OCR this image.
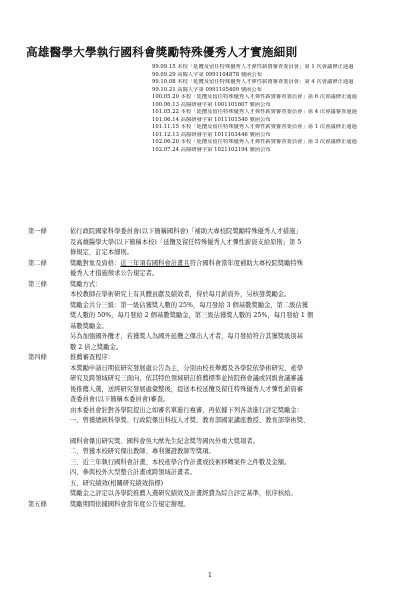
高雄醫學大學執行國科會獎勵特殊優秀人才實施細則
99.09.15 本校「延攬及留任特殊優秀人才彈性薪資審查委員會」第 1 次會議修正通過
99.09.29 高醫人字第 0991104878 號函公布
99.10.08 本校「延攬及留任特殊優秀人才彈性薪資審查委員會」第 4 次會議修正通過
99.10.21 高醫人字第 0991105409 號函公布
100.05.20 本校「延攬及留任特殊優秀人才彈性薪資審查委員會」第 6 次會議修正通過
100.06.13 高醫研發字第 1001101807 號函公布
101.05.22 本校「延攬及留任特殊優秀人才彈性薪資審查委員會」第 4 次會議審查通過
101.06.14 高醫研發字第 1011101540 號函公布
101.11.15 本校「延攬及留任特殊優秀人才彈性薪資審查委員會」第 1 次會議修正通過
101.12.13 高醫研發字第 1011103446 號函公布
102.06.20 本校「延攬及留任特殊優秀人才彈性薪資審查委員會」第 3 次會議修正通過
102.07.24 高醫研發字第 1021102194 號函公布
第一條	依行政院國家科學委員會(以下簡稱國科會)「補助大專校院獎勵特殊優秀人才措施」
及高雄醫學大學(以下簡稱本校)「延攬及留任特殊優秀人才彈性薪資支給原則」第 5
條規定，訂定本細則。
第二條	獎勵對象及資格：近三年須有國科會計畫且符合國科會當年度補助大專校院獎勵特殊
優秀人才措施徵求公告規定者。
第三條	獎勵方式：
本校教師在學術研究上有具體貢獻及績效者，得於每月薪資外，另核發獎勵金。
獎勵金共分三級：第一級佔獲獎人數的 25%，每月發給 3 個基數獎勵金，第二級佔獲
獎人數的 50%，每月發給 2 個基數獎勵金，第三級佔獲獎人數的 25%，每月發給 1 個
基數獎勵金。
另為加強國外攬才，若獲獎人為國外延攬之傑出人才者，每月發給符合其獲獎級別基
數 2 倍之獎勵金。
第四條	推薦審查程序：
本獎勵申請日期依研究發展處公告為主，分別由校長舉薦及各學院依學術研究、產學
研究及跨領域研究三面向，依其特色領域研訂推薦標準並按院務會議或同級會議審議
後推薦人選，送經研究發展處彙整後，提送本校延攬及留任特殊優秀人才彈性薪資審
查委員會(以下簡稱本委員會)審查。
由本委員會針對各學院提出之如審名單進行複審，再依據下列各款進行評定獎勵金：
一、曾獲總統科學獎、行政院傑出科技人才獎、教育部國家講座教授、教育部學術獎、
國科會傑出研究獎、國科會吳大猷先生紀念獎等國內外重大獎項者。
二、曾獲本校研究傑出教師、專利獲證教師等獎項。
三、近三年執行國科會計畫、本校產學合作計畫或技術移轉案件之件數及金額。
四、參與校外大型整合計畫或跨領域計畫者。
五、研究績效(相關研究績效指標)
獎勵金之評定以各學院推薦人選研究績效及計畫經費為綜合評定基準，依序核給。
第五條	獎勵期間依據國科會當年度公告規定辦理。
1
